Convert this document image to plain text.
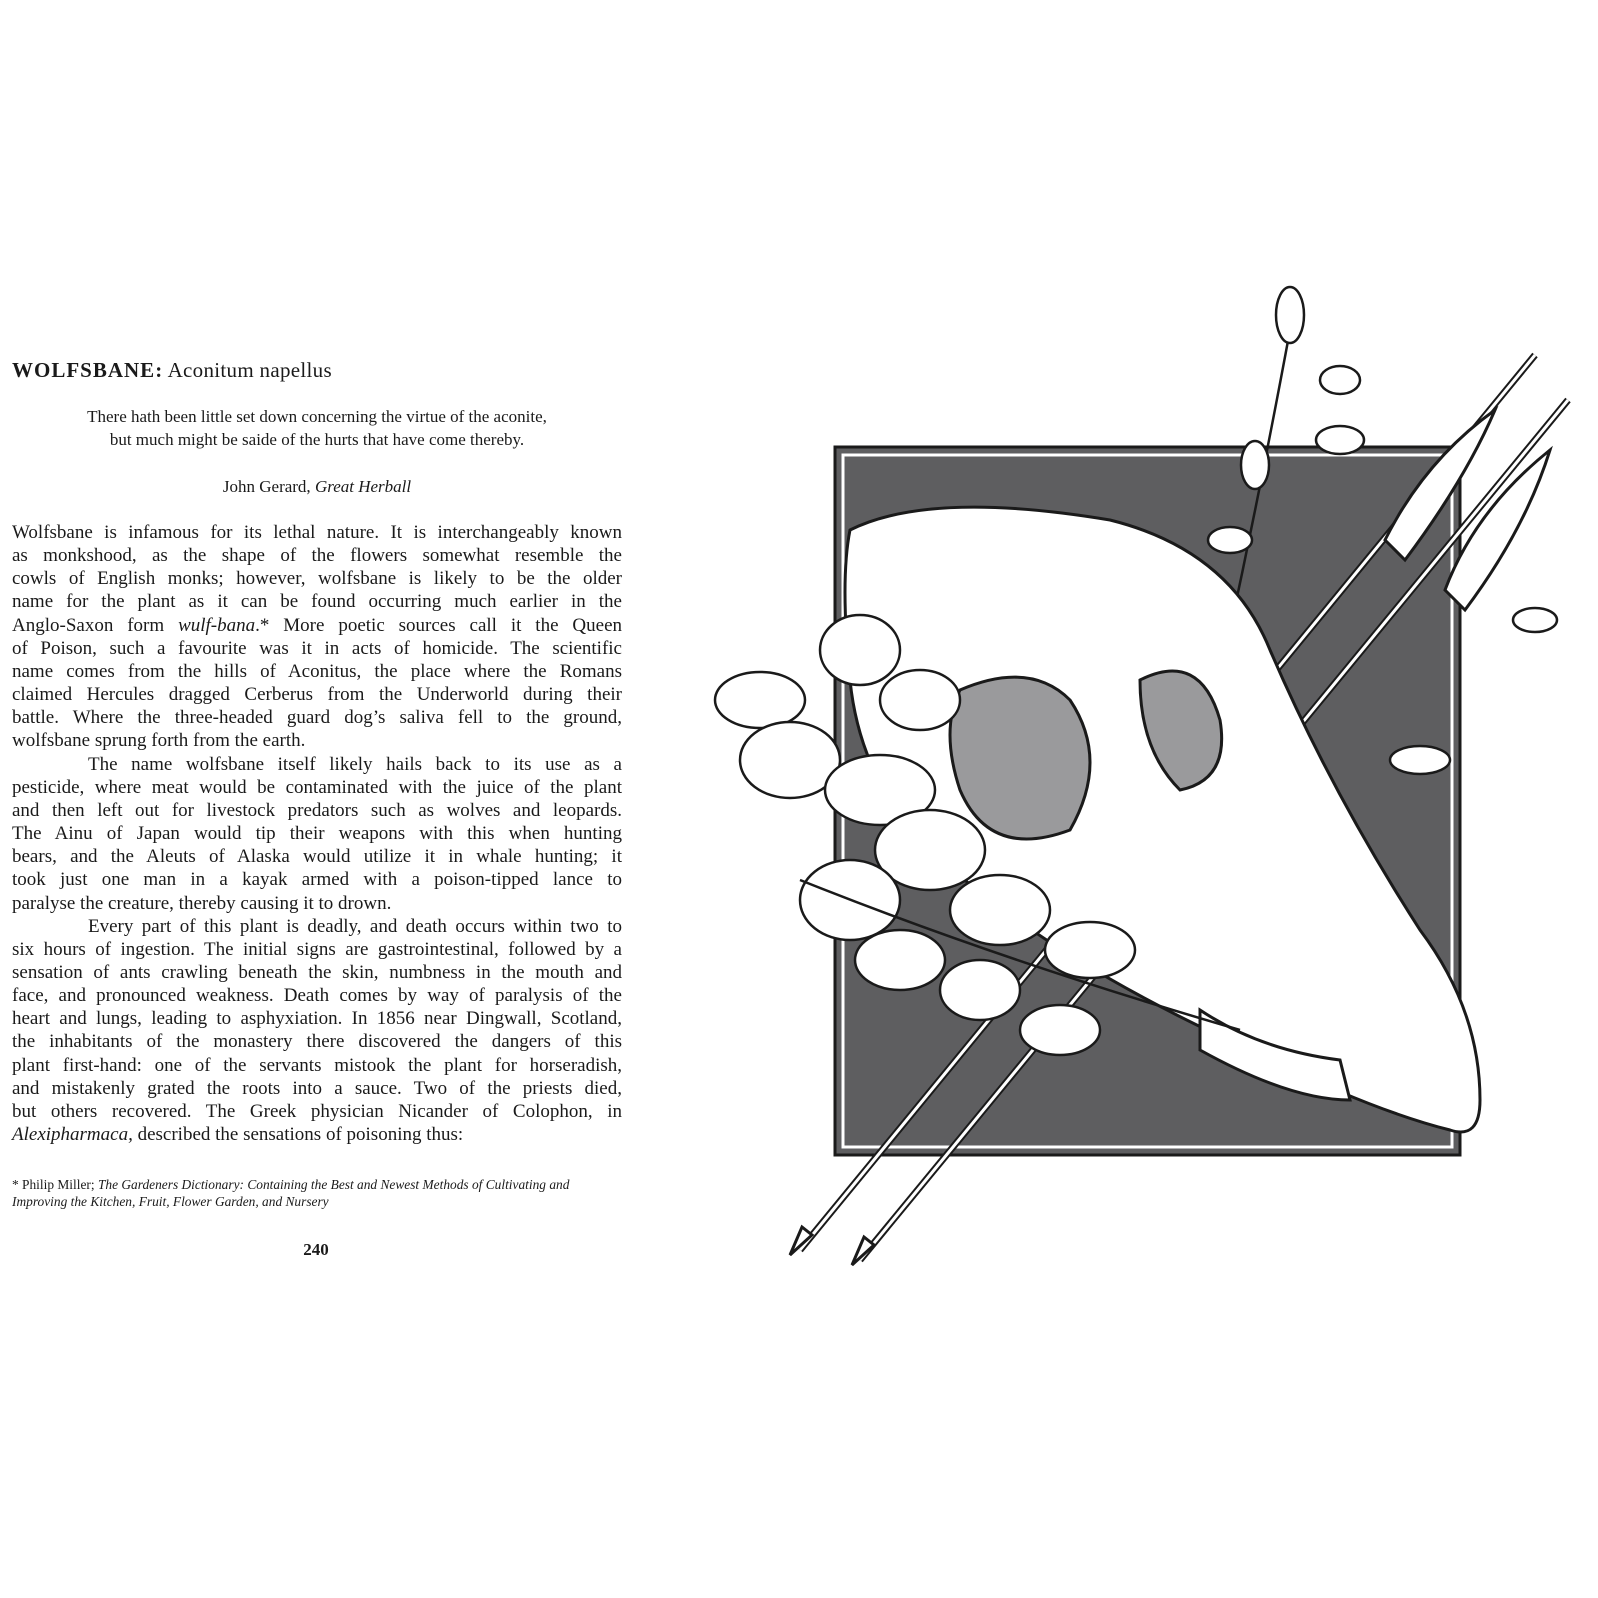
WOLFSBANE: Aconitum napellus
There hath been little set down concerning the virtue of the aconite,
but much might be saide of the hurts that have come thereby.
John Gerard, Great Herball
Wolfsbane is infamous for its lethal nature. It is interchangeably known
as monkshood, as the shape of the flowers somewhat resemble the
cowls of English monks; however, wolfsbane is likely to be the older
name for the plant as it can be found occurring much earlier in the
Anglo-Saxon form wulf-bana.* More poetic sources call it the Queen
of Poison, such a favourite was it in acts of homicide. The scientific
name comes from the hills of Aconitus, the place where the Romans
claimed Hercules dragged Cerberus from the Underworld during their
battle. Where the three-headed guard dog’s saliva fell to the ground,
wolfsbane sprung forth from the earth.
The name wolfsbane itself likely hails back to its use as a
pesticide, where meat would be contaminated with the juice of the plant
and then left out for livestock predators such as wolves and leopards.
The Ainu of Japan would tip their weapons with this when hunting
bears, and the Aleuts of Alaska would utilize it in whale hunting; it
took just one man in a kayak armed with a poison-tipped lance to
paralyse the creature, thereby causing it to drown.
Every part of this plant is deadly, and death occurs within two to
six hours of ingestion. The initial signs are gastrointestinal, followed by a
sensation of ants crawling beneath the skin, numbness in the mouth and
face, and pronounced weakness. Death comes by way of paralysis of the
heart and lungs, leading to asphyxiation. In 1856 near Dingwall, Scotland,
the inhabitants of the monastery there discovered the dangers of this
plant first-hand: one of the servants mistook the plant for horseradish,
and mistakenly grated the roots into a sauce. Two of the priests died,
but others recovered. The Greek physician Nicander of Colophon, in
Alexipharmaca, described the sensations of poisoning thus:
* Philip Miller; The Gardeners Dictionary: Containing the Best and Newest Methods of Cultivating and Improving the Kitchen, Fruit, Flower Garden, and Nursery
240
